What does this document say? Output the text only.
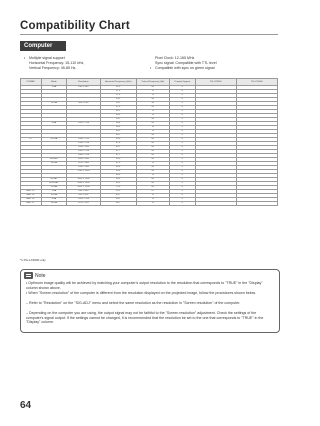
Compatibility Chart
Computer
• Multiple signal support
Horizontal Frequency: 15-110 kHz,
Vertical Frequency: 45-85 Hz,
Pixel Clock: 12-165 MHz
Sync signal: Compatible with TTL level
• Compatible with sync on green signal
PC/MAC	Mode	Resolution	Horizontal Frequency (kHz)	Vertical Frequency (Hz)	Display Support	PG-LX3000	PG-LX2000
	VGA	640 × 480	31.5	60	✔		
			37.9	72	✔		
			37.5	75	✔		
			43.3	85	✔		
	SVGA	800 × 600	35.1	56	✔		
			37.9	60	✔		
			48.1	72	✔		
			46.9	75	✔		
			53.7	85	✔		
	XGA	1024 × 768	48.4	60	✔		
			56.5	70	✔		
			60.0	75	✔		
			68.7	85	✔		
PC	WXGA	1280 × 720	45.0	60	✔		
		1280 × 768	47.8	60	✔		
		1280 × 800	49.7	60	✔		
		1360 × 768	47.7	60	✔		
		1366 × 768	47.7	60	✔		
	WXGA+	1440 × 900	55.9	60	✔		
	SXGA	1152 × 864	67.5	75	✔		
		1280 × 960	60.0	60	✔		
		1280 × 1024	64.0	60	✔		
			80.0	75	✔		
	SXGA+	1400 × 1050	65.3	60	✔		
	WSXGA+	1680 × 1050	65.3	60	✔		
	UXGA	1600 × 1200	75.0	60	✔		
MAC 13"	VGA	640 × 480	35.0	67	✔		
MAC 16"	SVGA	832 × 624	49.7	75	✔		
MAC 19"	XGA	1024 × 768	60.2	75	✔		
MAC 21"	SXGA	1152 × 870	68.7	75	✔		
*1 PG-LX3000 only
Note
• Optimum image quality will be achieved by matching your computer's output resolution to the resolution that corresponds to "TRUE" in the "Display" column shown above.
• When "Screen resolution" of the computer is different from the resolution displayed on the projected image, follow the procedures shown below.
– Refer to "Resolution" on the "SIG-ADJ" menu and select the same resolution as the resolution in "Screen resolution" of the computer.
– Depending on the computer you are using, the output signal may not be faithful to the "Screen resolution" adjustment. Check the settings of the computer's signal output. If the settings cannot be changed, it is recommended that the resolution be set to the one that corresponds to "TRUE" in the "Display" column.
64
